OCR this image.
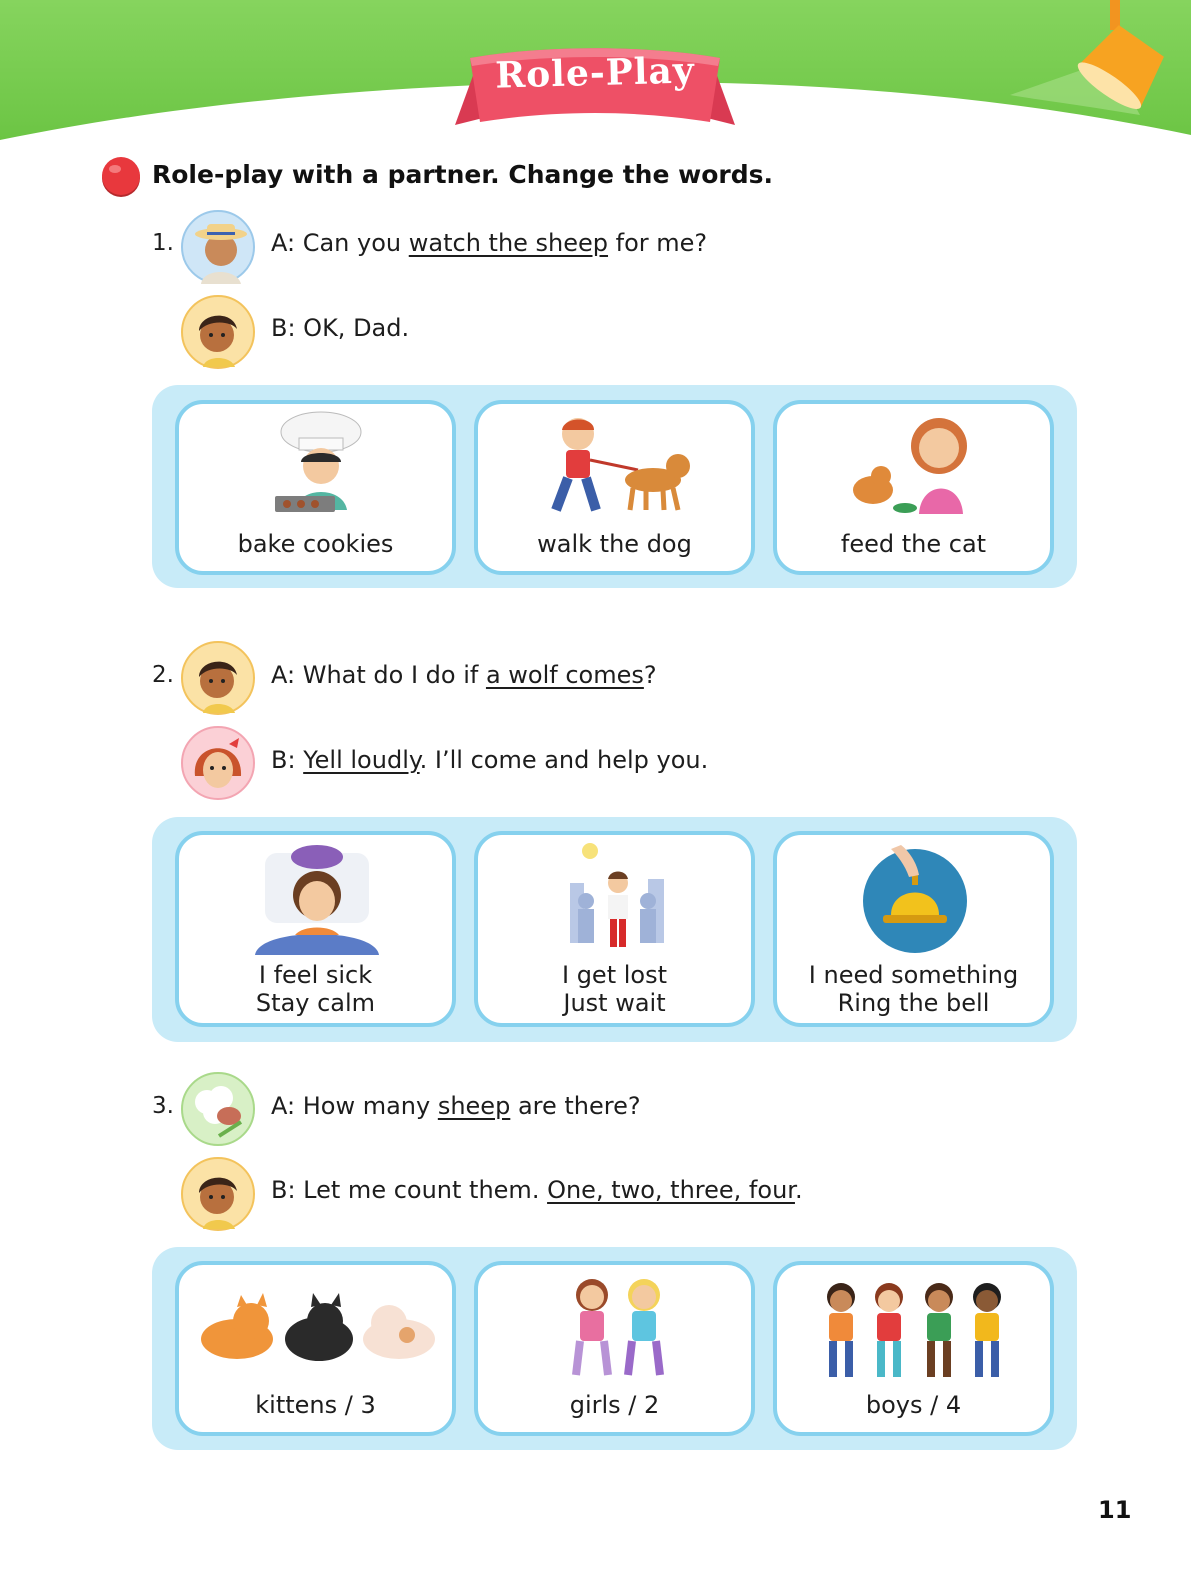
Role-Play
Role-play with a partner. Change the words.
1.	A: Can you watch the sheep for me?
B: OK, Dad.
bake cookies	walk the dog	feed the cat
2.	A: What do I do if a wolf comes?
B: Yell loudly. I’ll come and help you.
I feel sick
Stay calm
I get lost
Just wait
I need something
Ring the bell
3.	A: How many sheep are there?
B: Let me count them. One, two, three, four.
kittens / 3	girls / 2	boys / 4
11
